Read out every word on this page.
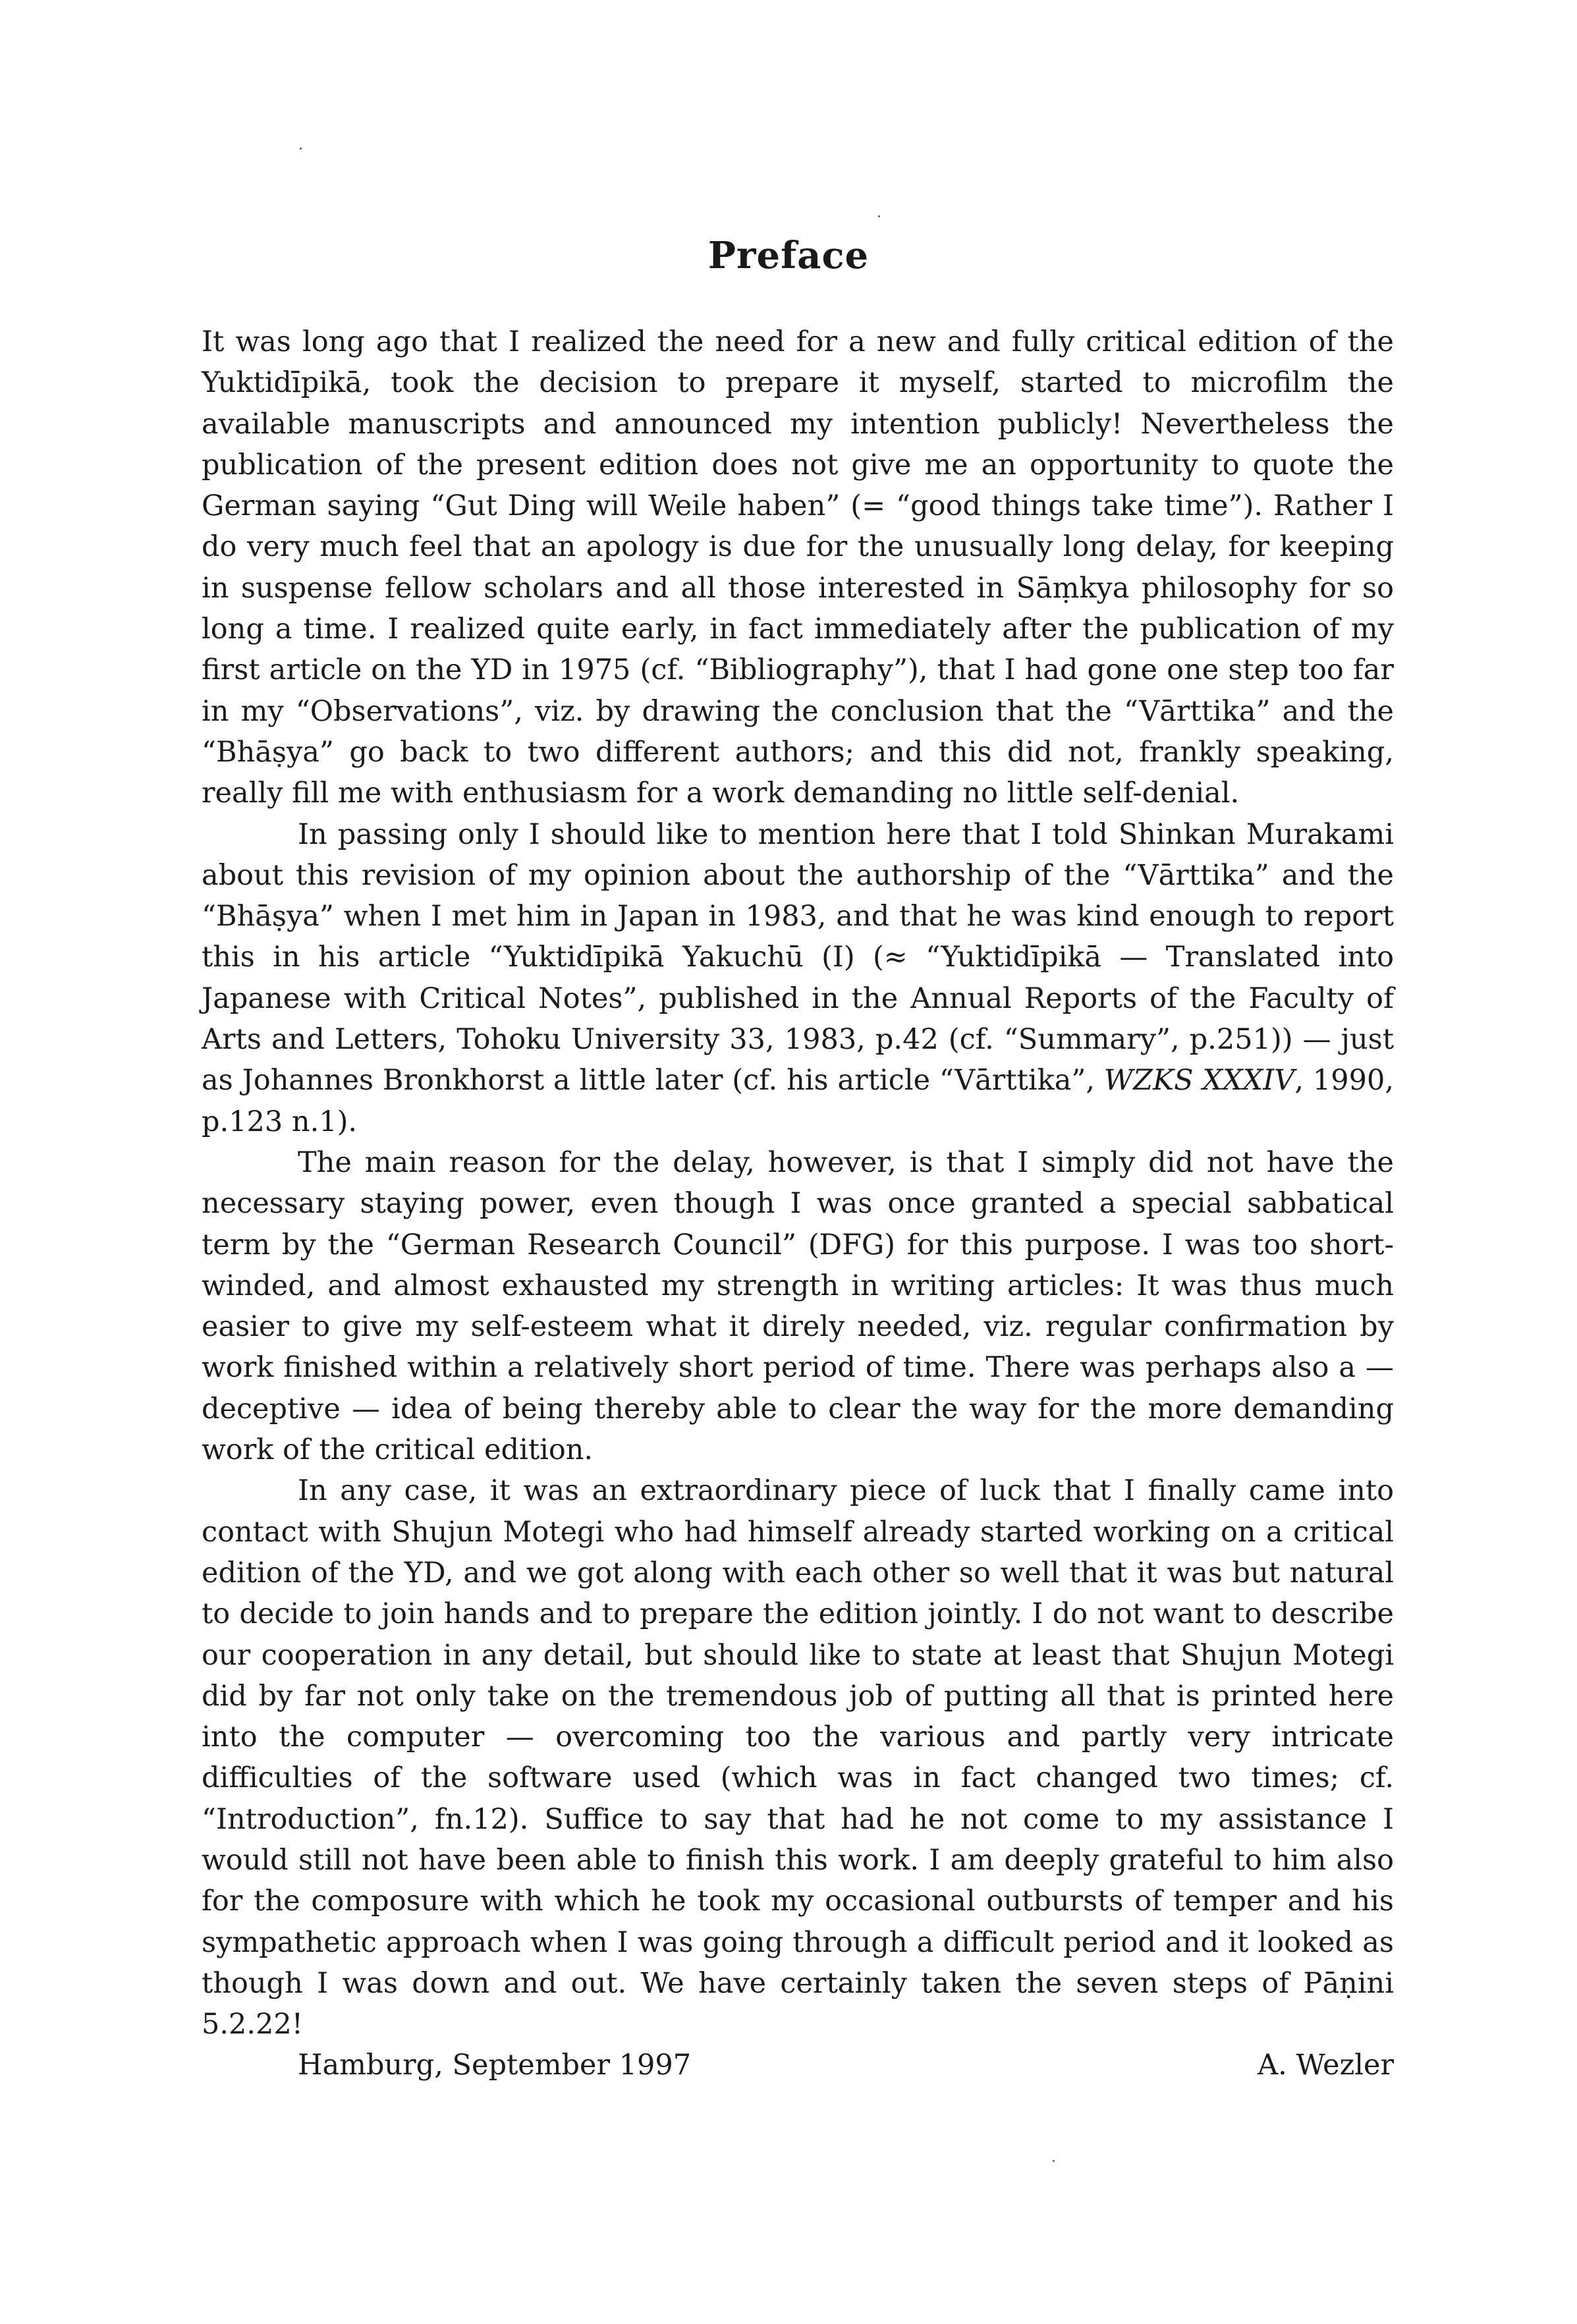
Preface

It was long ago that I realized the need for a new and fully critical edition of the Yuktidīpikā, took the decision to prepare it myself, started to microfilm the available manuscripts and announced my intention publicly! Nevertheless the publication of the present edition does not give me an opportunity to quote the German saying “Gut Ding will Weile haben” (= “good things take time”). Rather I do very much feel that an apology is due for the unusually long delay, for keeping in suspense fellow scholars and all those interested in Sāṃkya philosophy for so long a time. I realized quite early, in fact immediately after the publication of my first article on the YD in 1975 (cf. “Bibliography”), that I had gone one step too far in my “Observations”, viz. by drawing the conclusion that the “Vārttika” and the “Bhāṣya” go back to two different authors; and this did not, frankly speaking, really fill me with enthusiasm for a work demanding no little self-denial.

In passing only I should like to mention here that I told Shinkan Murakami about this revision of my opinion about the authorship of the “Vārttika” and the “Bhāṣya” when I met him in Japan in 1983, and that he was kind enough to report this in his article “Yuktidīpikā Yakuchū (I) (≈ “Yuktidīpikā — Translated into Japanese with Critical Notes”, published in the Annual Reports of the Faculty of Arts and Letters, Tohoku University 33, 1983, p.42 (cf. “Summary”, p.251)) — just as Johannes Bronkhorst a little later (cf. his article “Vārttika”, WZKS XXXIV, 1990, p.123 n.1).

The main reason for the delay, however, is that I simply did not have the necessary staying power, even though I was once granted a special sabbatical term by the “German Research Council” (DFG) for this purpose. I was too short-winded, and almost exhausted my strength in writing articles: It was thus much easier to give my self-esteem what it direly needed, viz. regular confirmation by work finished within a relatively short period of time. There was perhaps also a — deceptive — idea of being thereby able to clear the way for the more demanding work of the critical edition.

In any case, it was an extraordinary piece of luck that I finally came into contact with Shujun Motegi who had himself already started working on a critical edition of the YD, and we got along with each other so well that it was but natural to decide to join hands and to prepare the edition jointly. I do not want to describe our cooperation in any detail, but should like to state at least that Shujun Motegi did by far not only take on the tremendous job of putting all that is printed here into the computer — overcoming too the various and partly very intricate difficulties of the software used (which was in fact changed two times; cf. “Introduction”, fn.12). Suffice to say that had he not come to my assistance I would still not have been able to finish this work. I am deeply grateful to him also for the composure with which he took my occasional outbursts of temper and his sympathetic approach when I was going through a difficult period and it looked as though I was down and out. We have certainly taken the seven steps of Pāṇini 5.2.22!

Hamburg, September 1997	A. Wezler
